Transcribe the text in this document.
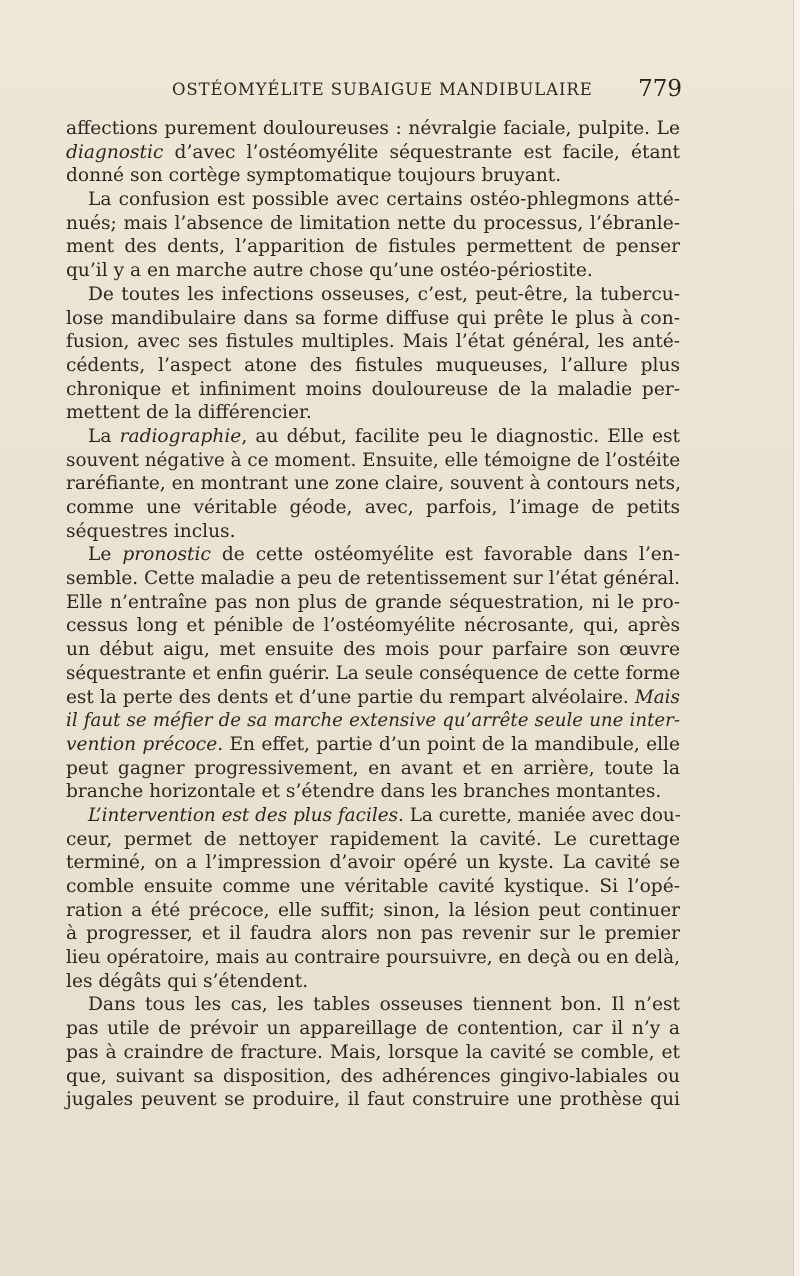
OSTÉOMYÉLITE SUBAIGUE MANDIBULAIRE 779
affections purement douloureuses : névralgie faciale, pulpite. Le
diagnostic d’avec l’ostéomyélite séquestrante est facile, étant
donné son cortège symptomatique toujours bruyant.
La confusion est possible avec certains ostéo-phlegmons atté-
nués; mais l’absence de limitation nette du processus, l’ébranle-
ment des dents, l’apparition de fistules permettent de penser
qu’il y a en marche autre chose qu’une ostéo-périostite.
De toutes les infections osseuses, c’est, peut-être, la tubercu-
lose mandibulaire dans sa forme diffuse qui prête le plus à con-
fusion, avec ses fistules multiples. Mais l’état général, les anté-
cédents, l’aspect atone des fistules muqueuses, l’allure plus
chronique et infiniment moins douloureuse de la maladie per-
mettent de la différencier.
La radiographie, au début, facilite peu le diagnostic. Elle est
souvent négative à ce moment. Ensuite, elle témoigne de l’ostéite
raréfiante, en montrant une zone claire, souvent à contours nets,
comme une véritable géode, avec, parfois, l’image de petits
séquestres inclus.
Le pronostic de cette ostéomyélite est favorable dans l’en-
semble. Cette maladie a peu de retentissement sur l’état général.
Elle n’entraîne pas non plus de grande séquestration, ni le pro-
cessus long et pénible de l’ostéomyélite nécrosante, qui, après
un début aigu, met ensuite des mois pour parfaire son œuvre
séquestrante et enfin guérir. La seule conséquence de cette forme
est la perte des dents et d’une partie du rempart alvéolaire. Mais
il faut se méfier de sa marche extensive qu’arrête seule une inter-
vention précoce. En effet, partie d’un point de la mandibule, elle
peut gagner progressivement, en avant et en arrière, toute la
branche horizontale et s’étendre dans les branches montantes.
L’intervention est des plus faciles. La curette, maniée avec dou-
ceur, permet de nettoyer rapidement la cavité. Le curettage
terminé, on a l’impression d’avoir opéré un kyste. La cavité se
comble ensuite comme une véritable cavité kystique. Si l’opé-
ration a été précoce, elle suffit; sinon, la lésion peut continuer
à progresser, et il faudra alors non pas revenir sur le premier
lieu opératoire, mais au contraire poursuivre, en deçà ou en delà,
les dégâts qui s’étendent.
Dans tous les cas, les tables osseuses tiennent bon. Il n’est
pas utile de prévoir un appareillage de contention, car il n’y a
pas à craindre de fracture. Mais, lorsque la cavité se comble, et
que, suivant sa disposition, des adhérences gingivo-labiales ou
jugales peuvent se produire, il faut construire une prothèse qui
